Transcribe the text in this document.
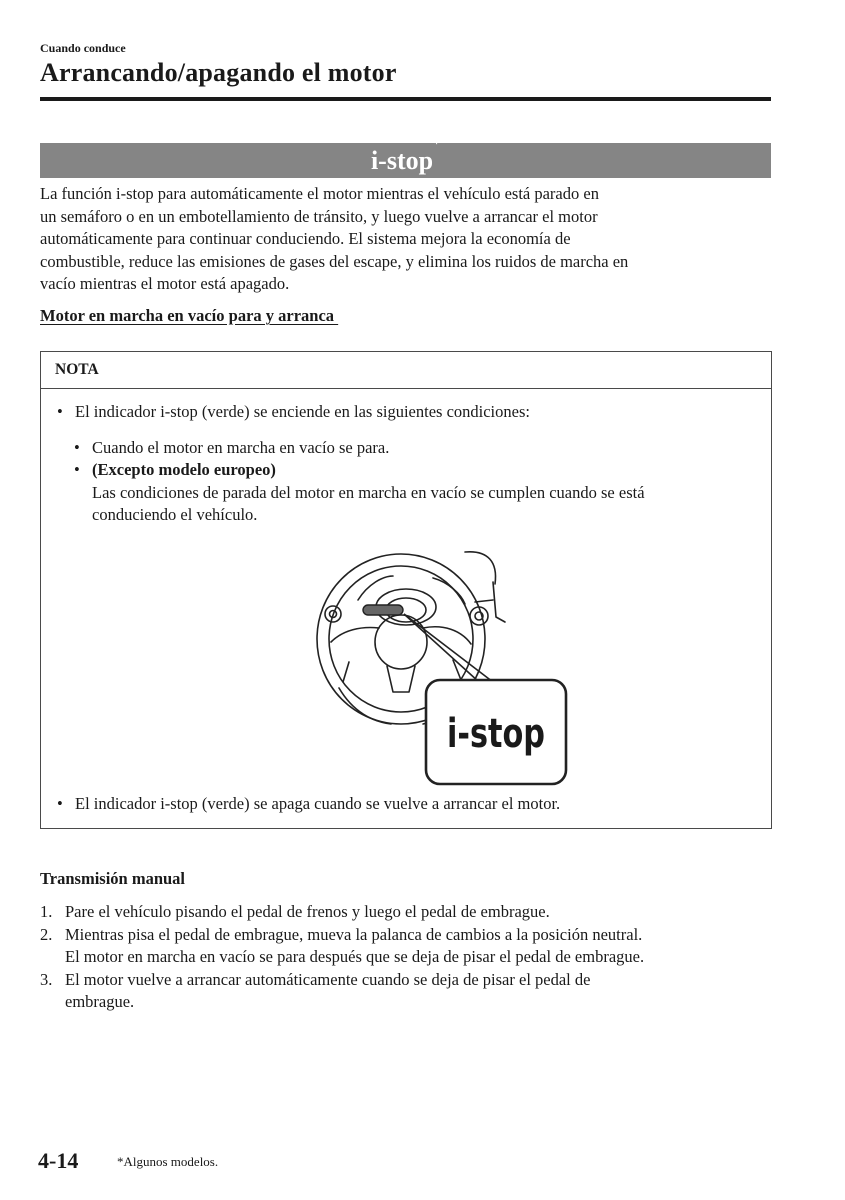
Cuando conduce
Arrancando/apagando el motor
i-stop*
La función i-stop para automáticamente el motor mientras el vehículo está parado en
un semáforo o en un embotellamiento de tránsito, y luego vuelve a arrancar el motor
automáticamente para continuar conduciendo. El sistema mejora la economía de
combustible, reduce las emisiones de gases del escape, y elimina los ruidos de marcha en
vacío mientras el motor está apagado.
Motor en marcha en vacío para y arranca
NOTA
• El indicador i-stop (verde) se enciende en las siguientes condiciones:
• Cuando el motor en marcha en vacío se para.
• (Excepto modelo europeo)
Las condiciones de parada del motor en marcha en vacío se cumplen cuando se está
conduciendo el vehículo.
i-stop
• El indicador i-stop (verde) se apaga cuando se vuelve a arrancar el motor.
Transmisión manual
1. Pare el vehículo pisando el pedal de frenos y luego el pedal de embrague.
2. Mientras pisa el pedal de embrague, mueva la palanca de cambios a la posición neutral.
El motor en marcha en vacío se para después que se deja de pisar el pedal de embrague.
3. El motor vuelve a arrancar automáticamente cuando se deja de pisar el pedal de
embrague.
4-14	*Algunos modelos.
